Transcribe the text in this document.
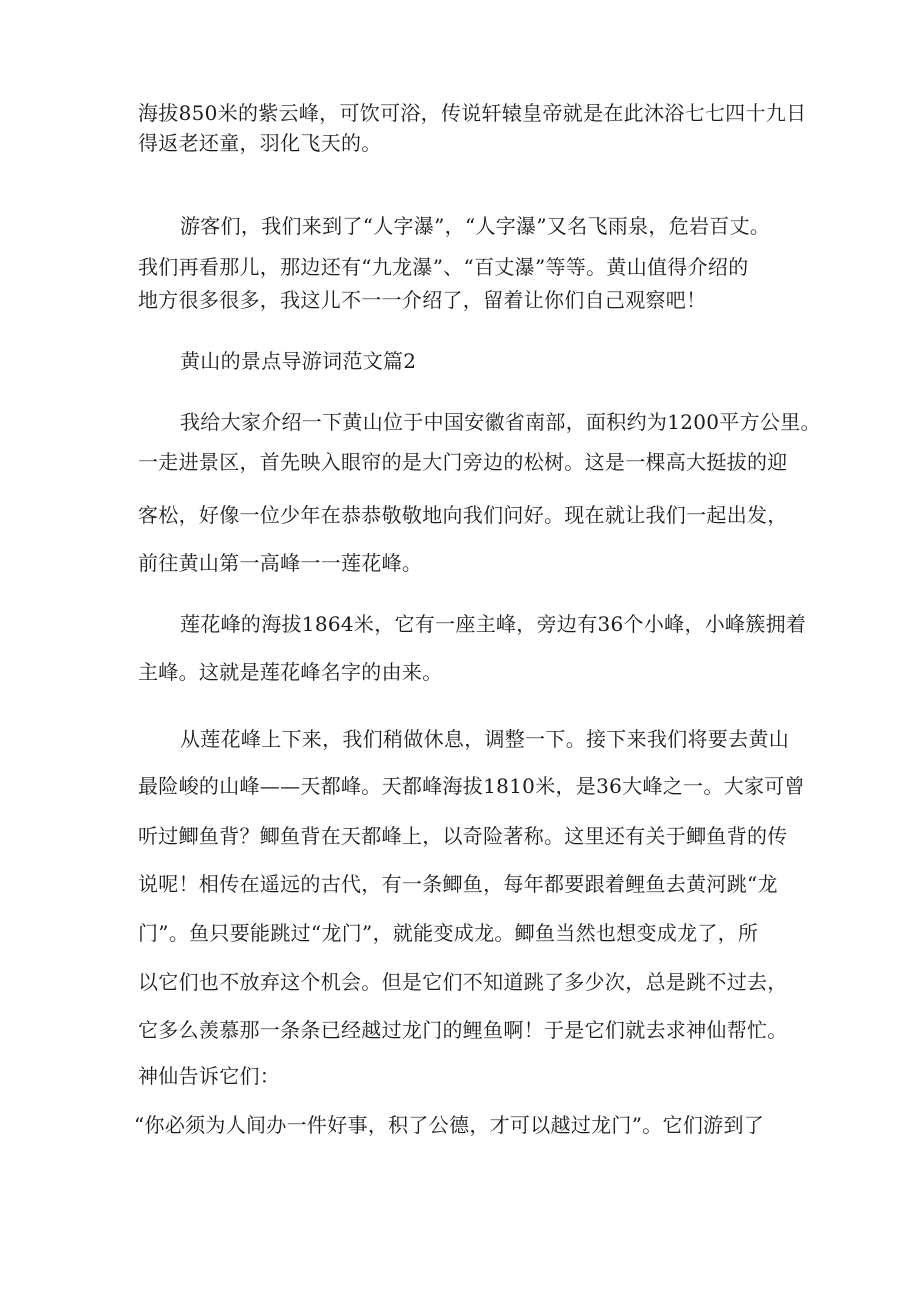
海拔850米的紫云峰，可饮可浴，传说轩辕皇帝就是在此沐浴七七四十九日
得返老还童，羽化飞天的。
游客们，我们来到了“人字瀑”，“人字瀑”又名飞雨泉，危岩百丈。
我们再看那儿，那边还有“九龙瀑”、“百丈瀑”等等。黄山值得介绍的
地方很多很多，我这儿不一一介绍了，留着让你们自己观察吧！
黄山的景点导游词范文篇2
我给大家介绍一下黄山位于中国安徽省南部，面积约为1200平方公里。
一走进景区，首先映入眼帘的是大门旁边的松树。这是一棵高大挺拔的迎
客松，好像一位少年在恭恭敬敬地向我们问好。现在就让我们一起出发，
前往黄山第一高峰一一莲花峰。
莲花峰的海拔1864米，它有一座主峰，旁边有36个小峰，小峰簇拥着
主峰。这就是莲花峰名字的由来。
从莲花峰上下来，我们稍做休息，调整一下。接下来我们将要去黄山
最险峻的山峰——天都峰。天都峰海拔1810米，是36大峰之一。大家可曾
听过鲫鱼背？鲫鱼背在天都峰上，以奇险著称。这里还有关于鲫鱼背的传
说呢！相传在遥远的古代，有一条鲫鱼，每年都要跟着鲤鱼去黄河跳“龙
门”。鱼只要能跳过“龙门”，就能变成龙。鲫鱼当然也想变成龙了，所
以它们也不放弃这个机会。但是它们不知道跳了多少次，总是跳不过去，
它多么羡慕那一条条已经越过龙门的鲤鱼啊！于是它们就去求神仙帮忙。
神仙告诉它们：
“你必须为人间办一件好事，积了公德，才可以越过龙门”。它们游到了
